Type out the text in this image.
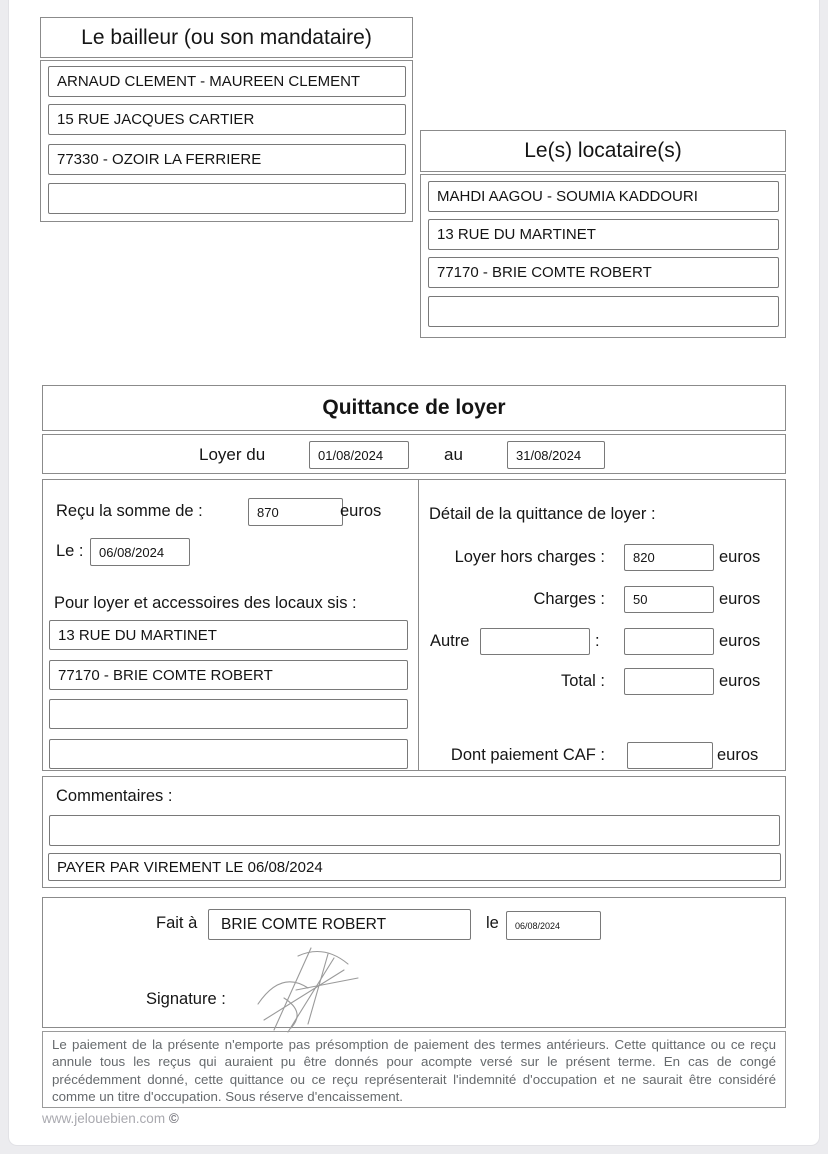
Le bailleur (ou son mandataire)
ARNAUD CLEMENT - MAUREEN CLEMENT
15 RUE JACQUES CARTIER
77330 - OZOIR LA FERRIERE
Le(s) locataire(s)
MAHDI AAGOU - SOUMIA KADDOURI
13 RUE DU MARTINET
77170 - BRIE COMTE ROBERT
Quittance de loyer
Loyer du
01/08/2024	au
31/08/2024
Reçu la somme de :
870	euros
Le :
06/08/2024
Pour loyer et accessoires des locaux sis :
13 RUE DU MARTINET
77170 - BRIE COMTE ROBERT
Détail de la quittance de loyer :
Loyer hors charges :
820	euros
Charges :
50	euros
Autre	:	euros
Total :	euros
Dont paiement CAF :	euros
Commentaires :
PAYER PAR VIREMENT LE 06/08/2024
Fait à
BRIE COMTE ROBERT	le
06/08/2024
Signature :
Le paiement de la présente n'emporte pas présomption de paiement des termes antérieurs. Cette quittance ou ce reçu annule tous les reçus qui auraient pu être donnés pour acompte versé sur le présent terme. En cas de congé précédemment donné, cette quittance ou ce reçu représenterait l'indemnité d'occupation et ne saurait être considéré comme un titre d'occupation. Sous réserve d'encaissement.
www.jelouebien.com ©
